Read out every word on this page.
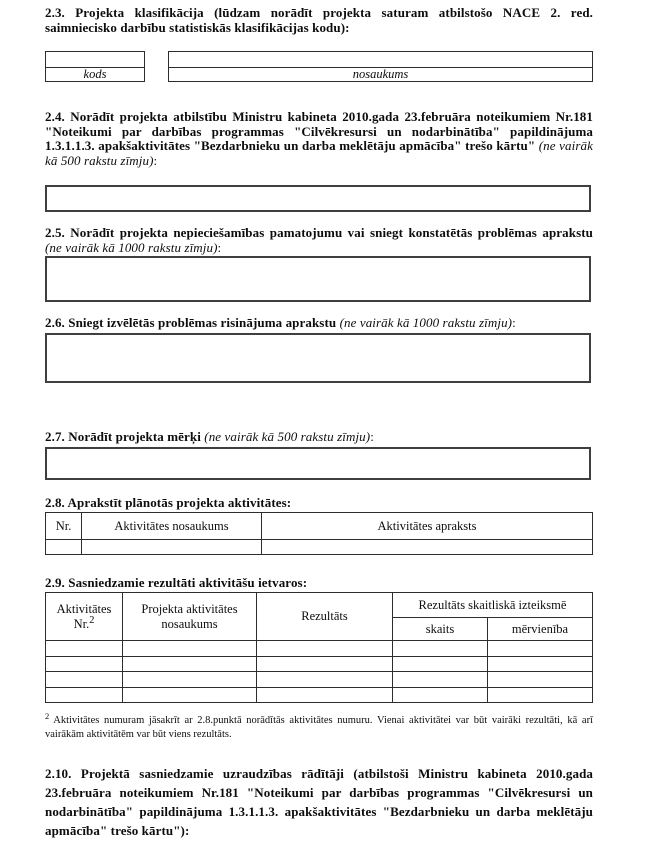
2.3. Projekta klasifikācija (lūdzam norādīt projekta saturam atbilstošo NACE 2. red. saimniecisko darbību statistiskās klasifikācijas kodu):

kods	nosaukums
2.4. Norādīt projekta atbilstību Ministru kabineta 2010.gada 23.februāra noteikumiem Nr.181 "Noteikumi par darbības programmas "Cilvēkresursi un nodarbinātība" papildinājuma 1.3.1.1.3. apakšaktivitātes "Bezdarbnieku un darba meklētāju apmācība" trešo kārtu" (ne vairāk kā 500 rakstu zīmju):
2.5. Norādīt projekta nepieciešamības pamatojumu vai sniegt konstatētās problēmas aprakstu (ne vairāk kā 1000 rakstu zīmju):
2.6. Sniegt izvēlētās problēmas risinājuma aprakstu (ne vairāk kā 1000 rakstu zīmju):
2.7. Norādīt projekta mērķi (ne vairāk kā 500 rakstu zīmju):
2.8. Aprakstīt plānotās projekta aktivitātes:
Nr.	Aktivitātes nosaukums	Aktivitātes apraksts

2.9. Sasniedzamie rezultāti aktivitāšu ietvaros:
Aktivitātes
Nr.$^2$	Projekta aktivitātes nosaukums	Rezultāts	Rezultāts skaitliskā izteiksmē	
			skaits	mērvienība

$^2$ Aktivitātes numuram jāsakrīt ar 2.8.punktā norādītās aktivitātes numuru. Vienai aktivitātei var būt vairāki rezultāti, kā arī vairākām aktivitātēm var būt viens rezultāts.
2.10. Projektā sasniedzamie uzraudzības rādītāji (atbilstoši Ministru kabineta 2010.gada 23.februāra noteikumiem Nr.181 "Noteikumi par darbības programmas "Cilvēkresursi un nodarbinātība" papildinājuma 1.3.1.1.3. apakšaktivitātes "Bezdarbnieku un darba meklētāju apmācība" trešo kārtu"):
